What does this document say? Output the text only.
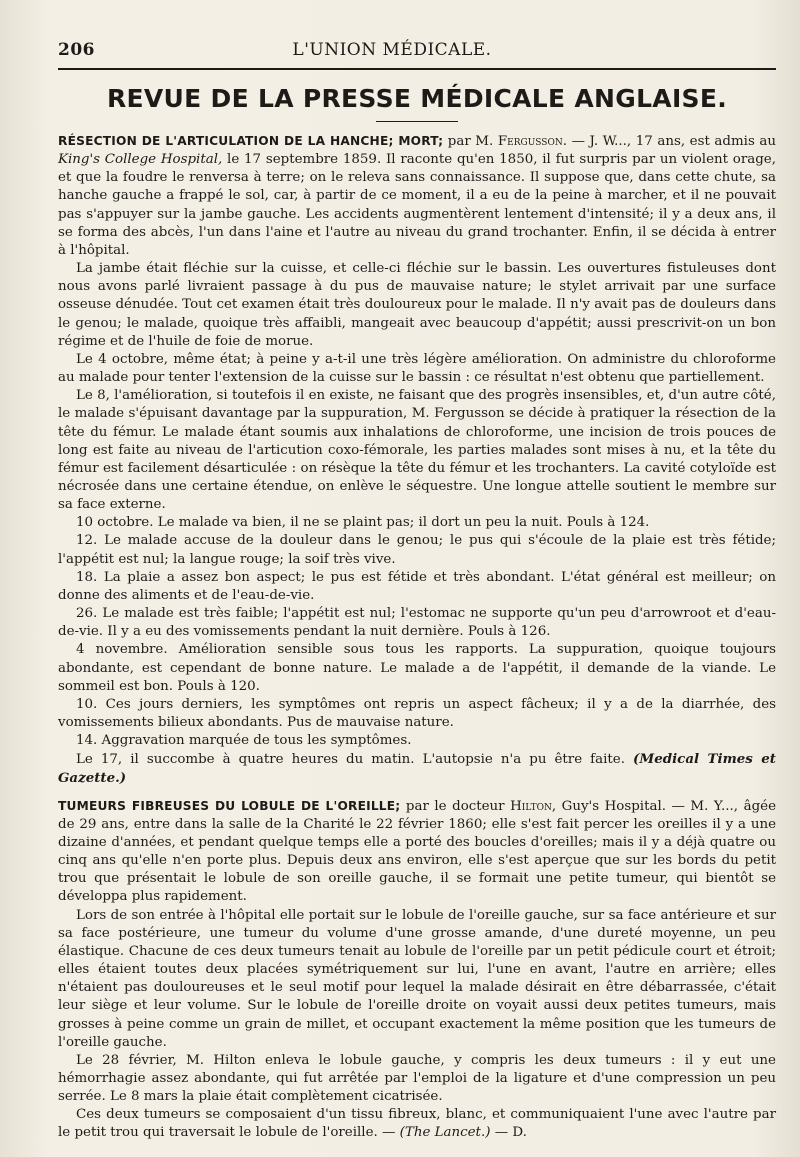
206	L'UNION MÉDICALE.
REVUE DE LA PRESSE MÉDICALE ANGLAISE.

RÉSECTION DE L'ARTICULATION DE LA HANCHE; MORT; par M. Fergusson. — J. W..., 17 ans, est admis au King's College Hospital, le 17 septembre 1859. Il raconte qu'en 1850, il fut surpris par un violent orage, et que la foudre le renversa à terre; on le releva sans connaissance. Il suppose que, dans cette chute, sa hanche gauche a frappé le sol, car, à partir de ce moment, il a eu de la peine à marcher, et il ne pouvait pas s'appuyer sur la jambe gauche. Les accidents augmentèrent lentement d'intensité; il y a deux ans, il se forma des abcès, l'un dans l'aine et l'autre au niveau du grand trochanter. Enfin, il se décida à entrer à l'hôpital.

La jambe était fléchie sur la cuisse, et celle-ci fléchie sur le bassin. Les ouvertures fistuleuses dont nous avons parlé livraient passage à du pus de mauvaise nature; le stylet arrivait par une surface osseuse dénudée. Tout cet examen était très douloureux pour le malade. Il n'y avait pas de douleurs dans le genou; le malade, quoique très affaibli, mangeait avec beaucoup d'appétit; aussi prescrivit-on un bon régime et de l'huile de foie de morue.

Le 4 octobre, même état; à peine y a-t-il une très légère amélioration. On administre du chloroforme au malade pour tenter l'extension de la cuisse sur le bassin : ce résultat n'est obtenu que partiellement.

Le 8, l'amélioration, si toutefois il en existe, ne faisant que des progrès insensibles, et, d'un autre côté, le malade s'épuisant davantage par la suppuration, M. Fergusson se décide à pratiquer la résection de la tête du fémur. Le malade étant soumis aux inhalations de chloroforme, une incision de trois pouces de long est faite au niveau de l'articution coxo-fémorale, les parties malades sont mises à nu, et la tête du fémur est facilement désarticulée : on résèque la tête du fémur et les trochanters. La cavité cotyloïde est nécrosée dans une certaine étendue, on enlève le séquestre. Une longue attelle soutient le membre sur sa face externe.

10 octobre. Le malade va bien, il ne se plaint pas; il dort un peu la nuit. Pouls à 124.

12. Le malade accuse de la douleur dans le genou; le pus qui s'écoule de la plaie est très fétide; l'appétit est nul; la langue rouge; la soif très vive.

18. La plaie a assez bon aspect; le pus est fétide et très abondant. L'état général est meilleur; on donne des aliments et de l'eau-de-vie.

26. Le malade est très faible; l'appétit est nul; l'estomac ne supporte qu'un peu d'arrowroot et d'eau-de-vie. Il y a eu des vomissements pendant la nuit dernière. Pouls à 126.

4 novembre. Amélioration sensible sous tous les rapports. La suppuration, quoique toujours abondante, est cependant de bonne nature. Le malade a de l'appétit, il demande de la viande. Le sommeil est bon. Pouls à 120.

10. Ces jours derniers, les symptômes ont repris un aspect fâcheux; il y a de la diarrhée, des vomissements bilieux abondants. Pus de mauvaise nature.

14. Aggravation marquée de tous les symptômes.

Le 17, il succombe à quatre heures du matin. L'autopsie n'a pu être faite. (Medical Times et Gazette.)

TUMEURS FIBREUSES DU LOBULE DE L'OREILLE; par le docteur Hilton, Guy's Hospital. — M. Y..., âgée de 29 ans, entre dans la salle de la Charité le 22 février 1860; elle s'est fait percer les oreilles il y a une dizaine d'années, et pendant quelque temps elle a porté des boucles d'oreilles; mais il y a déjà quatre ou cinq ans qu'elle n'en porte plus. Depuis deux ans environ, elle s'est aperçue que sur les bords du petit trou que présentait le lobule de son oreille gauche, il se formait une petite tumeur, qui bientôt se développa plus rapidement.

Lors de son entrée à l'hôpital elle portait sur le lobule de l'oreille gauche, sur sa face antérieure et sur sa face postérieure, une tumeur du volume d'une grosse amande, d'une dureté moyenne, un peu élastique. Chacune de ces deux tumeurs tenait au lobule de l'oreille par un petit pédicule court et étroit; elles étaient toutes deux placées symétriquement sur lui, l'une en avant, l'autre en arrière; elles n'étaient pas douloureuses et le seul motif pour lequel la malade désirait en être débarrassée, c'était leur siège et leur volume. Sur le lobule de l'oreille droite on voyait aussi deux petites tumeurs, mais grosses à peine comme un grain de millet, et occupant exactement la même position que les tumeurs de l'oreille gauche.

Le 28 février, M. Hilton enleva le lobule gauche, y compris les deux tumeurs : il y eut une hémorrhagie assez abondante, qui fut arrêtée par l'emploi de la ligature et d'une compression un peu serrée. Le 8 mars la plaie était complètement cicatrisée.

Ces deux tumeurs se composaient d'un tissu fibreux, blanc, et communiquaient l'une avec l'autre par le petit trou qui traversait le lobule de l'oreille. — (The Lancet.) — D.
